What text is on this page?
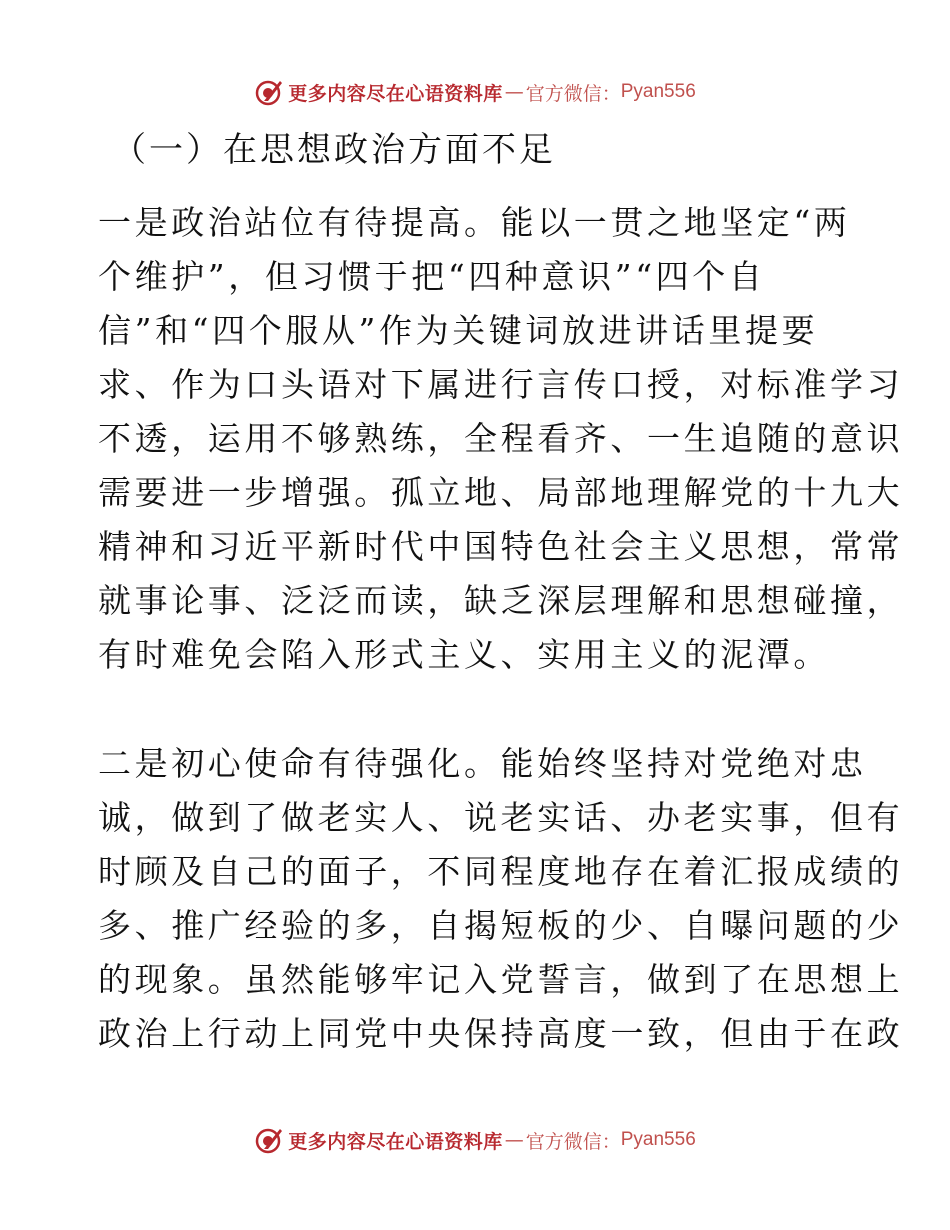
更多内容尽在心语资料库 — 官方微信： Pyan556
（一）在思想政治方面不足

一是政治站位有待提高。能以一贯之地坚定“两
个维护”，但习惯于把“四种意识”“四个自
信”和“四个服从”作为关键词放进讲话里提要
求、作为口头语对下属进行言传口授，对标准学习
不透，运用不够熟练，全程看齐、一生追随的意识
需要进一步增强。孤立地、局部地理解党的十九大
精神和习近平新时代中国特色社会主义思想，常常
就事论事、泛泛而读，缺乏深层理解和思想碰撞，
有时难免会陷入形式主义、实用主义的泥潭。

二是初心使命有待强化。能始终坚持对党绝对忠
诚，做到了做老实人、说老实话、办老实事，但有
时顾及自己的面子，不同程度地存在着汇报成绩的
多、推广经验的多，自揭短板的少、自曝问题的少
的现象。虽然能够牢记入党誓言，做到了在思想上
政治上行动上同党中央保持高度一致，但由于在政

更多内容尽在心语资料库 — 官方微信： Pyan556
